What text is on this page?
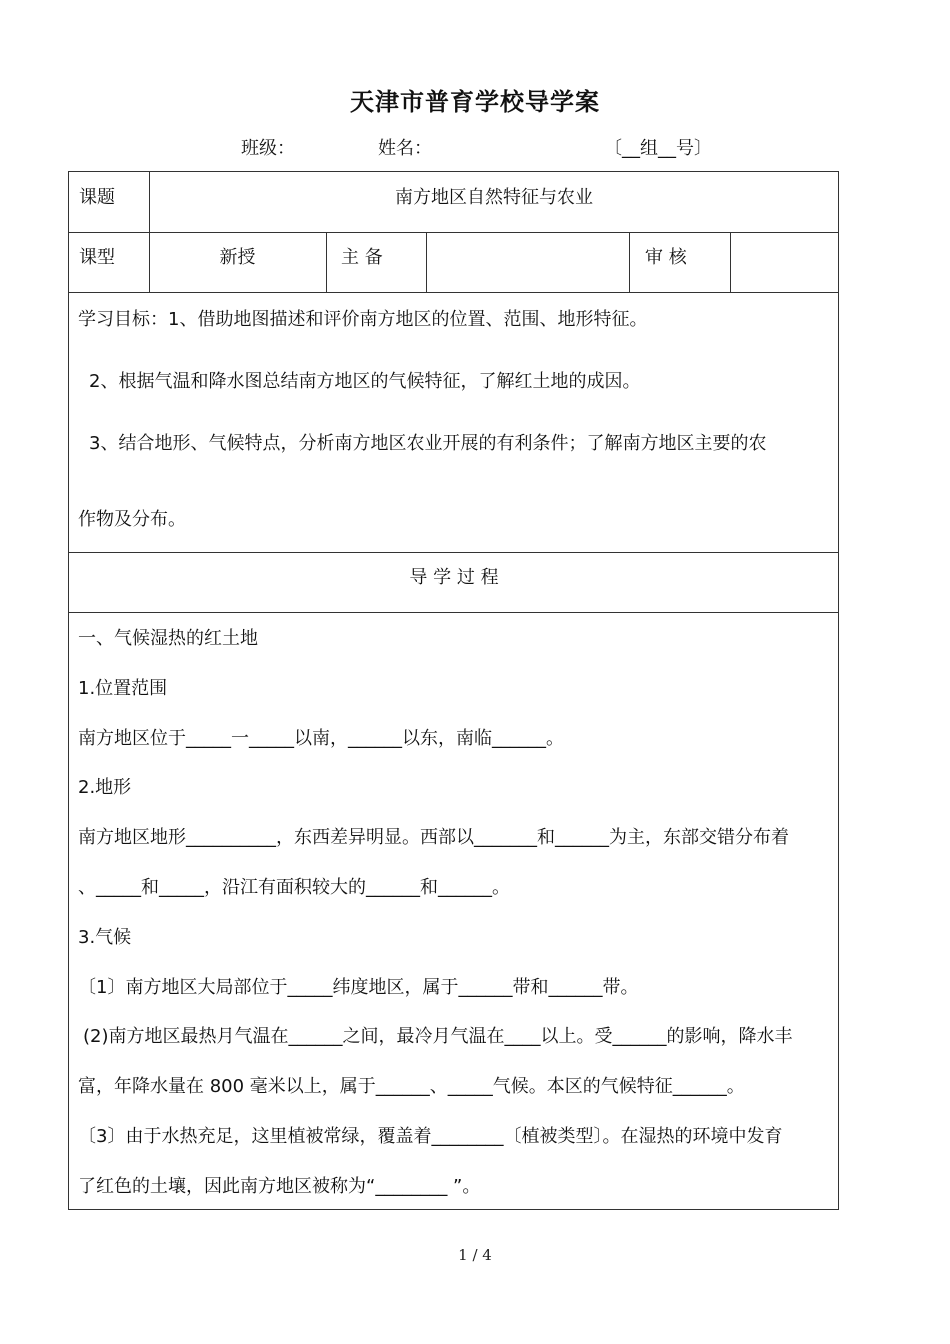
天津市普育学校导学案
班级：	姓名：	〔__组__号〕
课题	南方地区自然特征与农业
课型	新授	主 备	审 核
学习目标：1、借助地图描述和评价南方地区的位置、范围、地形特征。
2、根据气温和降水图总结南方地区的气候特征，了解红土地的成因。
3、结合地形、气候特点，分析南方地区农业开展的有利条件；了解南方地区主要的农
作物及分布。
导 学 过 程
一、气候湿热的红土地
1.位置范围
南方地区位于_____一_____以南，______以东，南临______。
2.地形
南方地区地形__________，东西差异明显。西部以_______和______为主，东部交错分布着
、_____和_____，沿江有面积较大的______和______。
3.气候
〔1〕南方地区大局部位于_____纬度地区，属于______带和______带。
(2)南方地区最热月气温在______之间，最冷月气温在____以上。受______的影响，降水丰
富，年降水量在 800 毫米以上，属于______、_____气候。本区的气候特征______。
〔3〕由于水热充足，这里植被常绿，覆盖着________〔植被类型〕。在湿热的环境中发育
了红色的土壤，因此南方地区被称为“________ ”。
1 / 4
